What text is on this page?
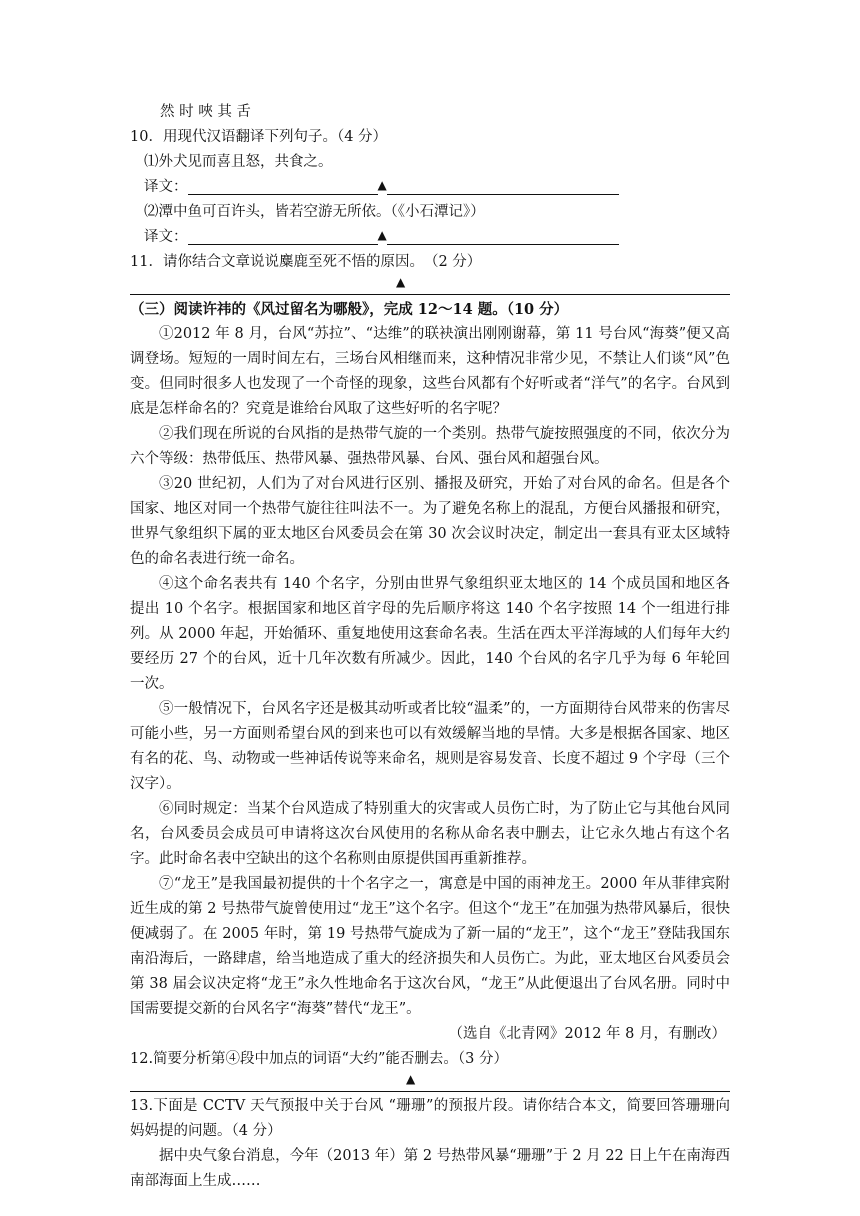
然 时 唊 其 舌
10．用现代汉语翻译下列句子。（4 分）
⑴外犬见而喜且怒，共食之。
译文：	▲
⑵潭中鱼可百许头，皆若空游无所依。（《小石潭记》）
译文：	▲
11．请你结合文章说说麋鹿至死不悟的原因。　（2 分）
▲
（三）阅读许祎的《风过留名为哪般》，完成 12～14 题。（10 分）

①2012 年 8 月，台风“苏拉”、“达维”的联袂演出刚刚谢幕，第 11 号台风“海葵”便又高调登场。短短的一周时间左右，三场台风相继而来，这种情况非常少见，不禁让人们谈“风”色变。但同时很多人也发现了一个奇怪的现象，这些台风都有个好听或者“洋气”的名字。台风到底是怎样命名的？究竟是谁给台风取了这些好听的名字呢？

②我们现在所说的台风指的是热带气旋的一个类别。热带气旋按照强度的不同，依次分为六个等级：热带低压、热带风暴、强热带风暴、台风、强台风和超强台风。

③20 世纪初，人们为了对台风进行区别、播报及研究，开始了对台风的命名。但是各个国家、地区对同一个热带气旋往往叫法不一。为了避免名称上的混乱，方便台风播报和研究，世界气象组织下属的亚太地区台风委员会在第 30 次会议时决定，制定出一套具有亚太区域特色的命名表进行统一命名。

④这个命名表共有 140 个名字，分别由世界气象组织亚太地区的 14 个成员国和地区各提出 10 个名字。根据国家和地区首字母的先后顺序将这 140 个名字按照 14 个一组进行排列。从 2000 年起，开始循环、重复地使用这套命名表。生活在西太平洋海域的人们每年大约要经历 27 个的台风，近十几年次数有所减少。因此，140 个台风的名字几乎为每 6 年轮回一次。

⑤一般情况下，台风名字还是极其动听或者比较“温柔”的，一方面期待台风带来的伤害尽可能小些，另一方面则希望台风的到来也可以有效缓解当地的旱情。大多是根据各国家、地区有名的花、鸟、动物或一些神话传说等来命名，规则是容易发音、长度不超过 9 个字母（三个汉字）。

⑥同时规定：当某个台风造成了特别重大的灾害或人员伤亡时，为了防止它与其他台风同名，台风委员会成员可申请将这次台风使用的名称从命名表中删去，让它永久地占有这个名字。此时命名表中空缺出的这个名称则由原提供国再重新推荐。

⑦“龙王”是我国最初提供的十个名字之一，寓意是中国的雨神龙王。2000 年从菲律宾附近生成的第 2 号热带气旋曾使用过“龙王”这个名字。但这个“龙王”在加强为热带风暴后，很快便减弱了。在 2005 年时，第 19 号热带气旋成为了新一届的“龙王”，这个“龙王”登陆我国东南沿海后，一路肆虐，给当地造成了重大的经济损失和人员伤亡。为此，亚太地区台风委员会第 38 届会议决定将“龙王”永久性地命名于这次台风，“龙王”从此便退出了台风名册。同时中国需要提交新的台风名字“海葵”替代“龙王”。

（选自《北青网》2012 年 8 月，有删改）
12.简要分析第④段中加点的词语“大约”能否删去。（3 分）
▲

13.下面是 CCTV 天气预报中关于台风 “珊珊”的预报片段。请你结合本文，简要回答珊珊向妈妈提的问题。（4 分）

据中央气象台消息，今年（2013 年）第 2 号热带风暴“珊珊”于 2 月 22 日上午在南海西南部海面上生成……
